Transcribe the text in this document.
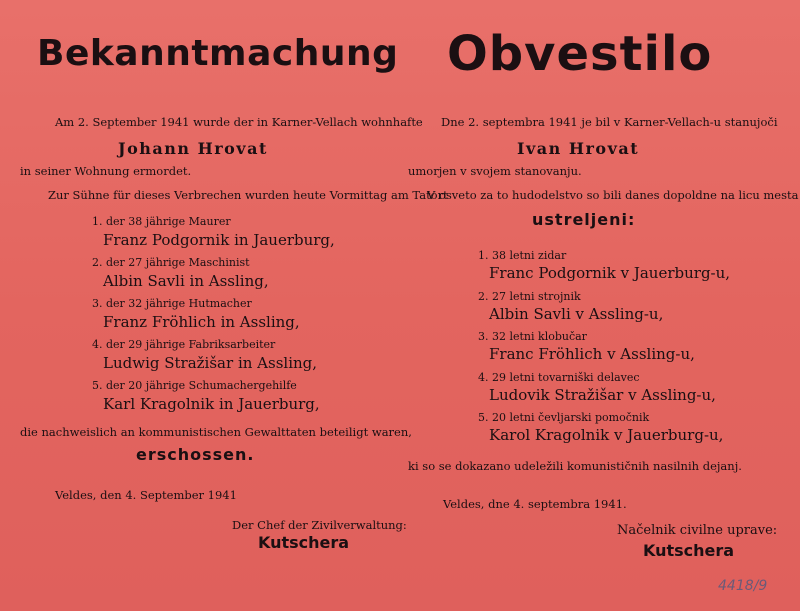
Bekanntmachung
Am 2. September 1941 wurde der in Karner-Vellach wohnhafte
Johann Hrovat
in seiner Wohnung ermordet.
Zur Sühne für dieses Verbrechen wurden heute Vormittag am Tatort
1. der 38 jährige Maurer
Franz Podgornik in Jauerburg,
2. der 27 jährige Maschinist
Albin Savli in Assling,
3. der 32 jährige Hutmacher
Franz Fröhlich in Assling,
4. der 29 jährige Fabriksarbeiter
Ludwig Stražišar in Assling,
5. der 20 jährige Schumachergehilfe
Karl Kragolnik in Jauerburg,
die nachweislich an kommunistischen Gewalttaten beteiligt waren,
erschossen.
Veldes, den 4. September 1941
Der Chef der Zivilverwaltung:
Kutschera
Obvestilo
Dne 2. septembra 1941 je bil v Karner-Vellach-u stanujoči
Ivan Hrovat
umorjen v svojem stanovanju.
V osveto za to hudodelstvo so bili danes dopoldne na licu mesta
ustreljeni:
1. 38 letni zidar
Franc Podgornik v Jauerburg-u,
2. 27 letni strojnik
Albin Savli v Assling-u,
3. 32 letni klobučar
Franc Fröhlich v Assling-u,
4. 29 letni tovarniški delavec
Ludovik Stražišar v Assling-u,
5. 20 letni čevljarski pomočnik
Karol Kragolnik v Jauerburg-u,
ki so se dokazano udeležili komunističnih nasilnih dejanj.
Veldes, dne 4. septembra 1941.
Načelnik civilne uprave:
Kutschera
4418/9
